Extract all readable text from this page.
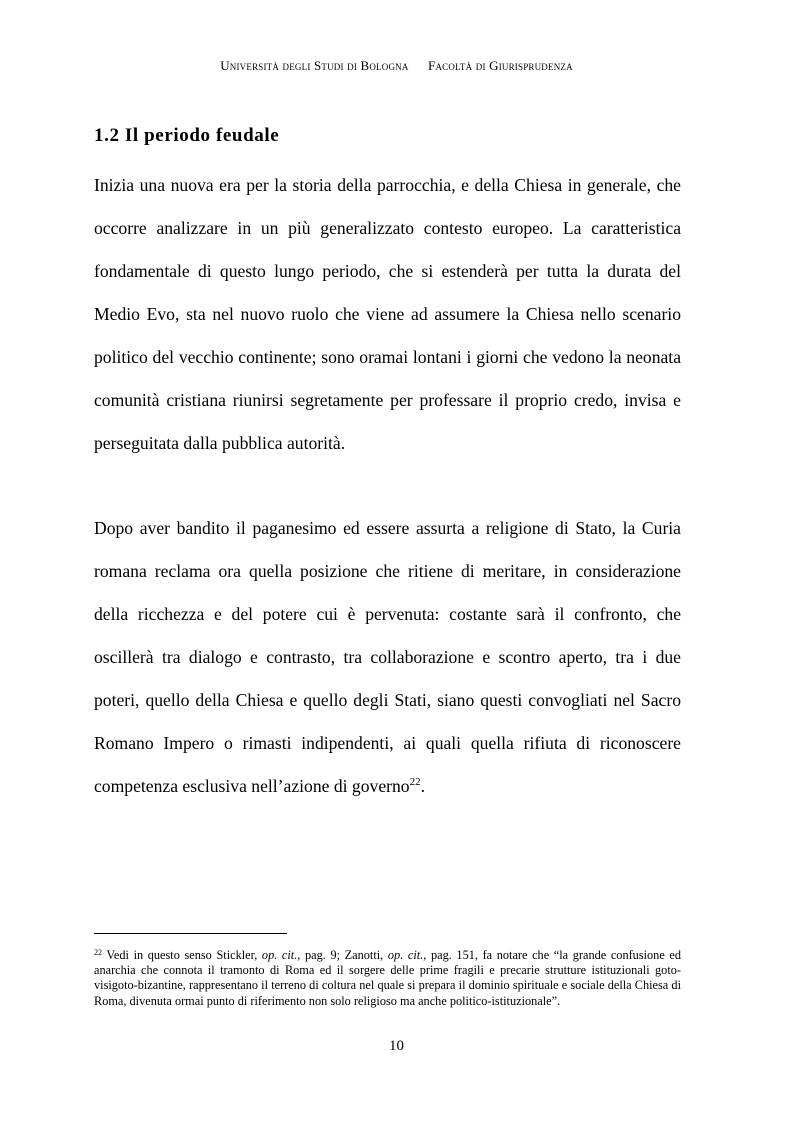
Università degli Studi di Bologna Facoltà di Giurisprudenza
1.2 Il periodo feudale

Inizia una nuova era per la storia della parrocchia, e della Chiesa in generale, che occorre analizzare in un più generalizzato contesto europeo. La caratteristica fondamentale di questo lungo periodo, che si estenderà per tutta la durata del Medio Evo, sta nel nuovo ruolo che viene ad assumere la Chiesa nello scenario politico del vecchio continente; sono oramai lontani i giorni che vedono la neonata comunità cristiana riunirsi segretamente per professare il proprio credo, invisa e perseguitata dalla pubblica autorità.

Dopo aver bandito il paganesimo ed essere assurta a religione di Stato, la Curia romana reclama ora quella posizione che ritiene di meritare, in considerazione della ricchezza e del potere cui è pervenuta: costante sarà il confronto, che oscillerà tra dialogo e contrasto, tra collaborazione e scontro aperto, tra i due poteri, quello della Chiesa e quello degli Stati, siano questi convogliati nel Sacro Romano Impero o rimasti indipendenti, ai quali quella rifiuta di riconoscere competenza esclusiva nell’azione di governo$^{22}$.

$^{22}$ Vedi in questo senso Stickler, op. cit., pag. 9; Zanotti, op. cit., pag. 151, fa notare che “la grande confusione ed anarchia che connota il tramonto di Roma ed il sorgere delle prime fragili e precarie strutture istituzionali goto-visigoto-bizantine, rappresentano il terreno di coltura nel quale si prepara il dominio spirituale e sociale della Chiesa di Roma, divenuta ormai punto di riferimento non solo religioso ma anche politico-istituzionale”.

10
